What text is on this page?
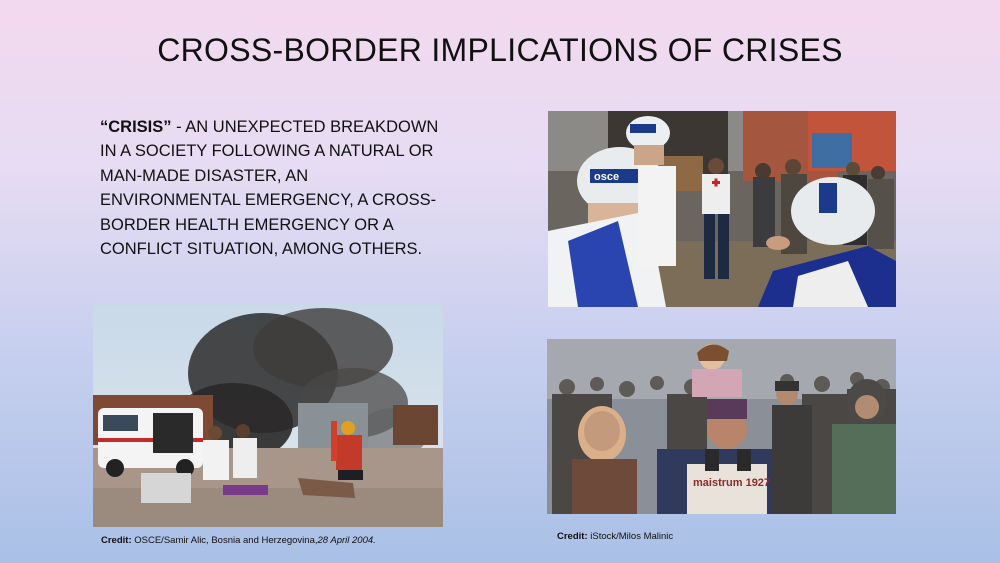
CROSS-BORDER IMPLICATIONS OF CRISES
“CRISIS” - AN UNEXPECTED BREAKDOWN IN A SOCIETY FOLLOWING A NATURAL OR MAN-MADE DISASTER, AN ENVIRONMENTAL EMERGENCY, A CROSS-BORDER HEALTH EMERGENCY OR A CONFLICT SITUATION, AMONG OTHERS.
osce
maistrum 1927
Credit: OSCE/Samir Alic, Bosnia and Herzegovina,28 April 2004.	Credit: iStock/Milos Malinic
